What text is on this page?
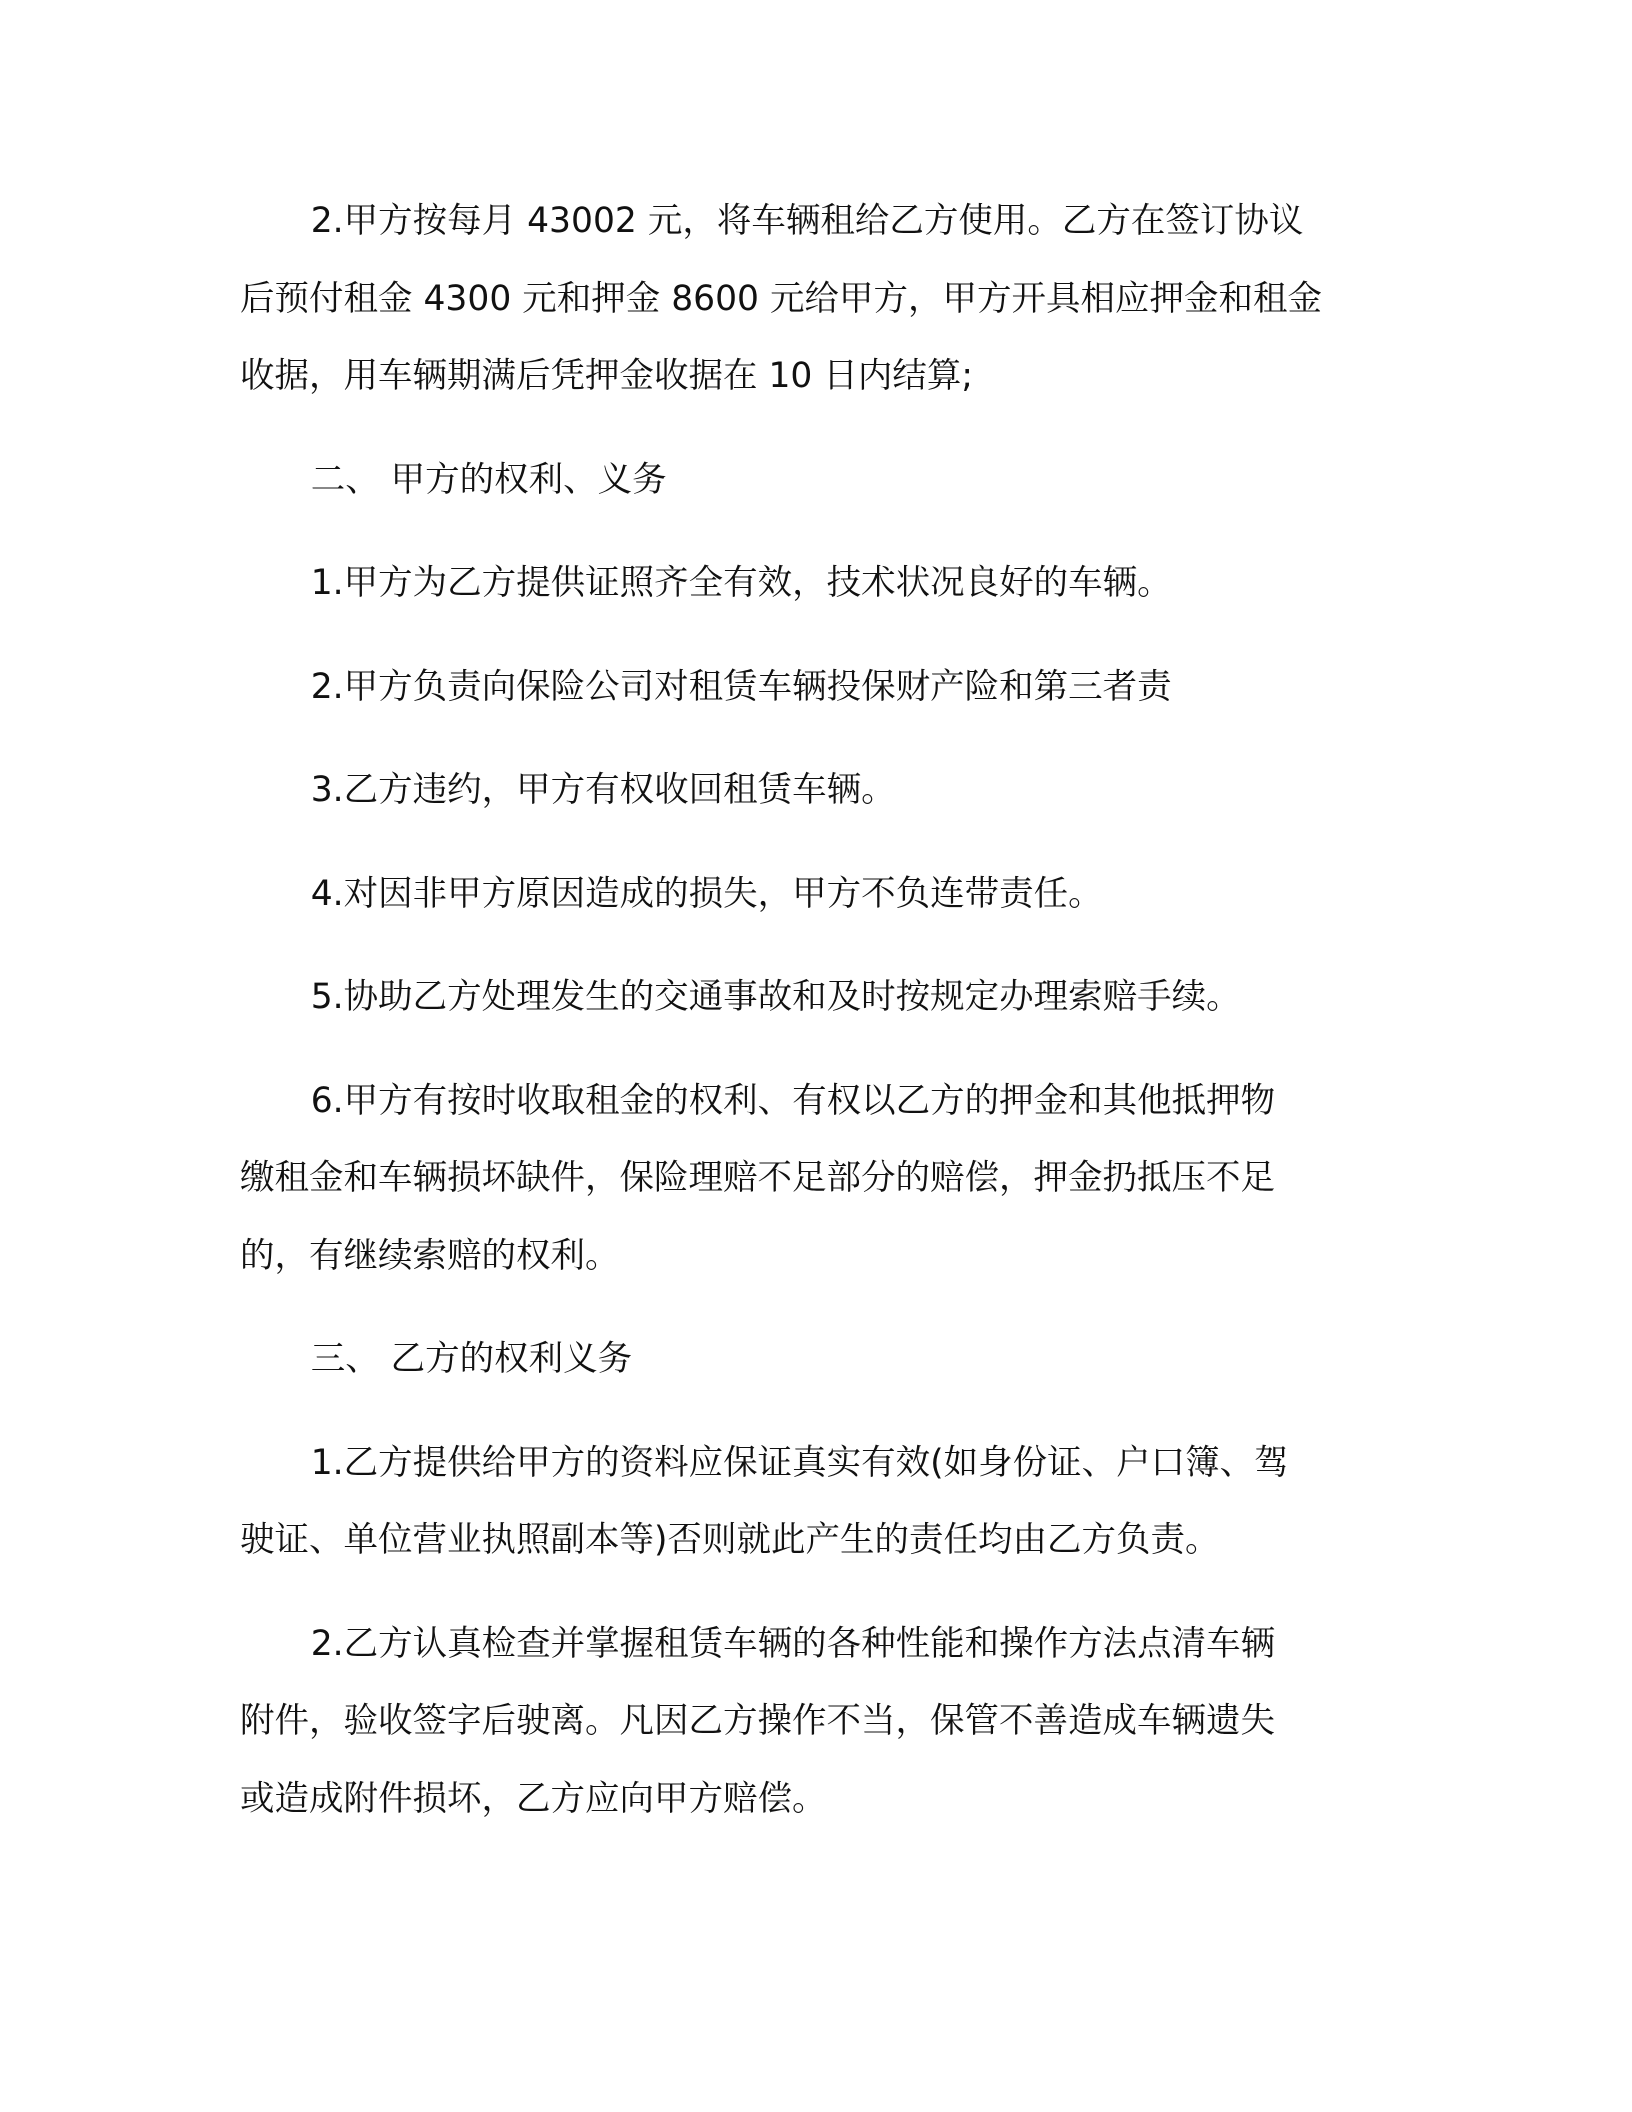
2.甲方按每月 43002 元，将车辆租给乙方使用。乙方在签订协议
后预付租金 4300 元和押金 8600 元给甲方，甲方开具相应押金和租金
收据，用车辆期满后凭押金收据在 10 日内结算;

二、 甲方的权利、义务

1.甲方为乙方提供证照齐全有效，技术状况良好的车辆。

2.甲方负责向保险公司对租赁车辆投保财产险和第三者责

3.乙方违约，甲方有权收回租赁车辆。

4.对因非甲方原因造成的损失，甲方不负连带责任。

5.协助乙方处理发生的交通事故和及时按规定办理索赔手续。

6.甲方有按时收取租金的权利、有权以乙方的押金和其他抵押物
缴租金和车辆损坏缺件，保险理赔不足部分的赔偿，押金扔抵压不足
的，有继续索赔的权利。

三、 乙方的权利义务

1.乙方提供给甲方的资料应保证真实有效(如身份证、户口簿、驾
驶证、单位营业执照副本等)否则就此产生的责任均由乙方负责。

2.乙方认真检查并掌握租赁车辆的各种性能和操作方法点清车辆
附件，验收签字后驶离。凡因乙方操作不当，保管不善造成车辆遗失
或造成附件损坏，乙方应向甲方赔偿。
